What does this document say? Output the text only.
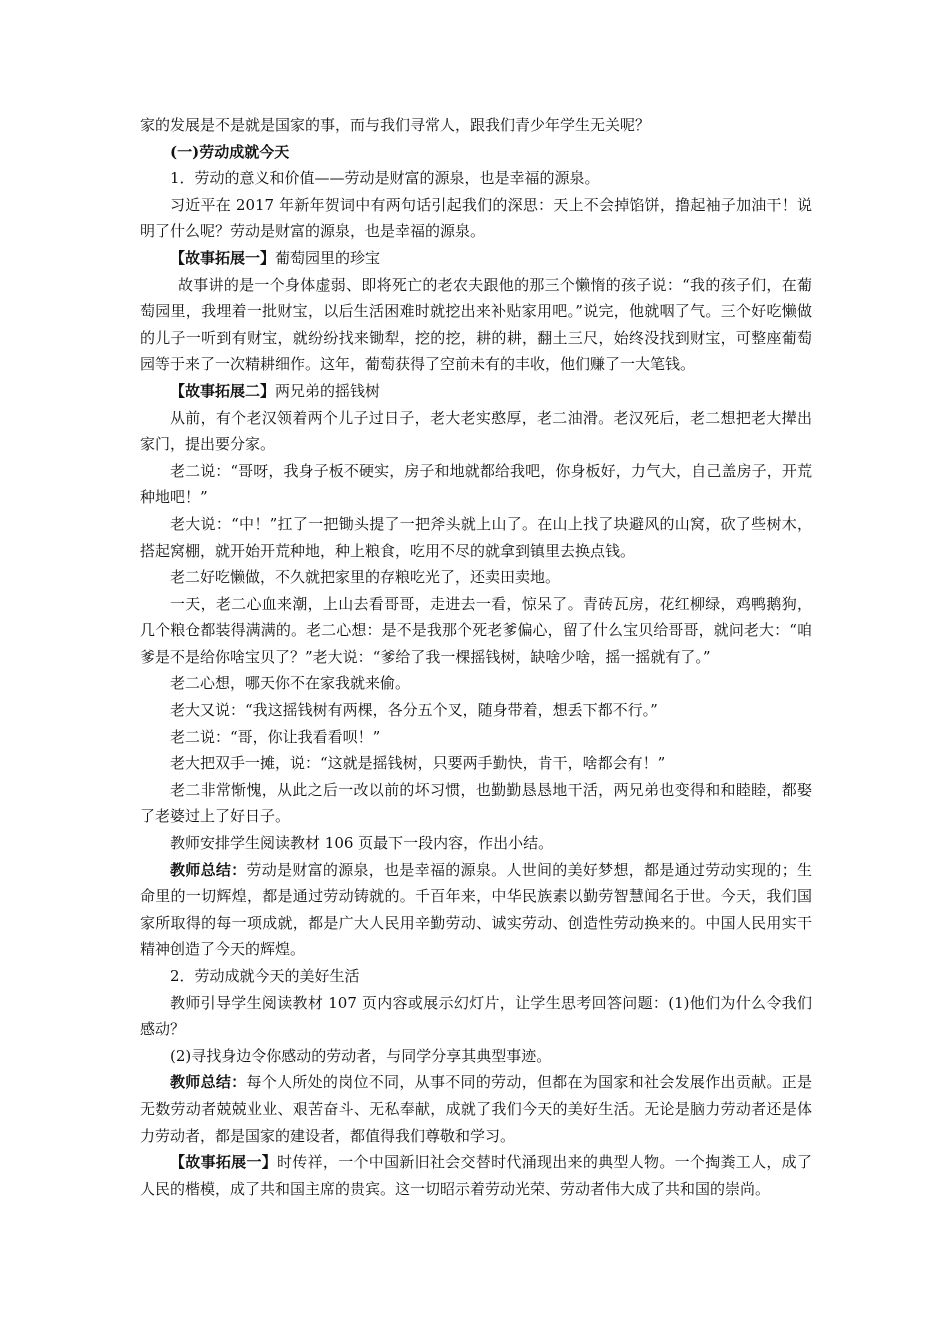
家的发展是不是就是国家的事，而与我们寻常人，跟我们青少年学生无关呢？

(一)劳动成就今天

1．劳动的意义和价值——劳动是财富的源泉，也是幸福的源泉。

习近平在 2017 年新年贺词中有两句话引起我们的深思：天上不会掉馅饼，撸起袖子加油干！说明了什么呢？劳动是财富的源泉，也是幸福的源泉。

【故事拓展一】葡萄园里的珍宝

故事讲的是一个身体虚弱、即将死亡的老农夫跟他的那三个懒惰的孩子说：“我的孩子们，在葡萄园里，我埋着一批财宝，以后生活困难时就挖出来补贴家用吧。”说完，他就咽了气。三个好吃懒做的儿子一听到有财宝，就纷纷找来锄犁，挖的挖，耕的耕，翻土三尺，始终没找到财宝，可整座葡萄园等于来了一次精耕细作。这年，葡萄获得了空前未有的丰收，他们赚了一大笔钱。

【故事拓展二】两兄弟的摇钱树

从前，有个老汉领着两个儿子过日子，老大老实憨厚，老二油滑。老汉死后，老二想把老大撵出家门，提出要分家。

老二说：“哥呀，我身子板不硬实，房子和地就都给我吧，你身板好，力气大，自己盖房子，开荒种地吧！”

老大说：“中！”扛了一把锄头提了一把斧头就上山了。在山上找了块避风的山窝，砍了些树木，搭起窝棚，就开始开荒种地，种上粮食，吃用不尽的就拿到镇里去换点钱。

老二好吃懒做，不久就把家里的存粮吃光了，还卖田卖地。

一天，老二心血来潮，上山去看哥哥，走进去一看，惊呆了。青砖瓦房，花红柳绿，鸡鸭鹅狗，几个粮仓都装得满满的。老二心想：是不是我那个死老爹偏心，留了什么宝贝给哥哥，就问老大：“咱爹是不是给你啥宝贝了？”老大说：“爹给了我一棵摇钱树，缺啥少啥，摇一摇就有了。”

老二心想，哪天你不在家我就来偷。

老大又说：“我这摇钱树有两棵，各分五个叉，随身带着，想丢下都不行。”

老二说：“哥，你让我看看呗！”

老大把双手一摊，说：“这就是摇钱树，只要两手勤快，肯干，啥都会有！”

老二非常惭愧，从此之后一改以前的坏习惯，也勤勤恳恳地干活，两兄弟也变得和和睦睦，都娶了老婆过上了好日子。

教师安排学生阅读教材 106 页最下一段内容，作出小结。

教师总结：劳动是财富的源泉，也是幸福的源泉。人世间的美好梦想，都是通过劳动实现的；生命里的一切辉煌，都是通过劳动铸就的。千百年来，中华民族素以勤劳智慧闻名于世。今天，我们国家所取得的每一项成就，都是广大人民用辛勤劳动、诚实劳动、创造性劳动换来的。中国人民用实干精神创造了今天的辉煌。

2．劳动成就今天的美好生活

教师引导学生阅读教材 107 页内容或展示幻灯片，让学生思考回答问题：(1)他们为什么令我们感动？

(2)寻找身边令你感动的劳动者，与同学分享其典型事迹。

教师总结：每个人所处的岗位不同，从事不同的劳动，但都在为国家和社会发展作出贡献。正是无数劳动者兢兢业业、艰苦奋斗、无私奉献，成就了我们今天的美好生活。无论是脑力劳动者还是体力劳动者，都是国家的建设者，都值得我们尊敬和学习。

【故事拓展一】时传祥，一个中国新旧社会交替时代涌现出来的典型人物。一个掏粪工人，成了人民的楷模，成了共和国主席的贵宾。这一切昭示着劳动光荣、劳动者伟大成了共和国的崇尚。
